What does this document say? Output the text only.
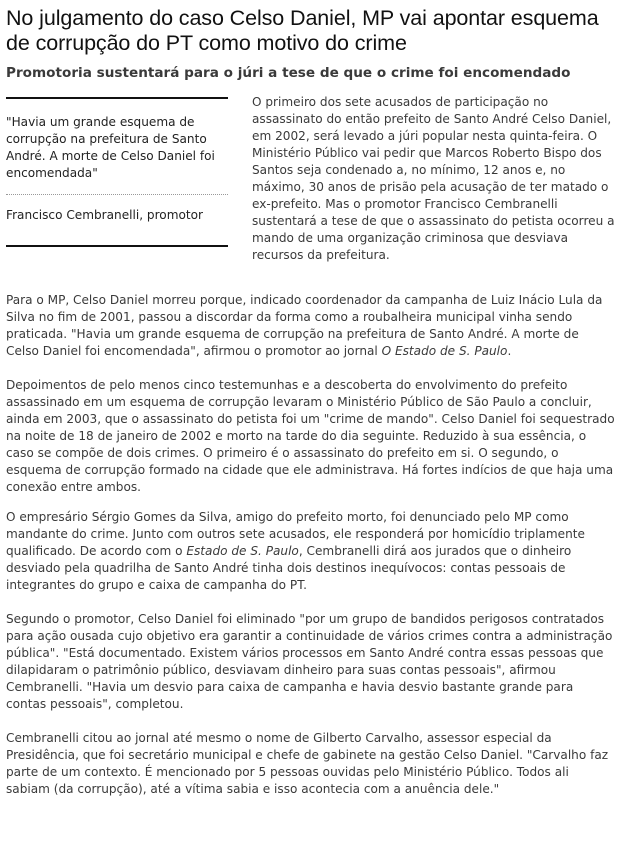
No julgamento do caso Celso Daniel, MP vai apontar esquema de corrupção do PT como motivo do crime
Promotoria sustentará para o júri a tese de que o crime foi encomendado

"Havia um grande esquema de corrupção na prefeitura de Santo André. A morte de Celso Daniel foi encomendada"

Francisco Cembranelli, promotor

O primeiro dos sete acusados de participação no assassinato do então prefeito de Santo André Celso Daniel, em 2002, será levado a júri popular nesta quinta-feira. O Ministério Público vai pedir que Marcos Roberto Bispo dos Santos seja condenado a, no mínimo, 12 anos e, no máximo, 30 anos de prisão pela acusação de ter matado o ex-prefeito. Mas o promotor Francisco Cembranelli sustentará a tese de que o assassinato do petista ocorreu a mando de uma organização criminosa que desviava recursos da prefeitura.

Para o MP, Celso Daniel morreu porque, indicado coordenador da campanha de Luiz Inácio Lula da Silva no fim de 2001, passou a discordar da forma como a roubalheira municipal vinha sendo praticada. "Havia um grande esquema de corrupção na prefeitura de Santo André. A morte de Celso Daniel foi encomendada", afirmou o promotor ao jornal O Estado de S. Paulo.

Depoimentos de pelo menos cinco testemunhas e a descoberta do envolvimento do prefeito assassinado em um esquema de corrupção levaram o Ministério Público de São Paulo a concluir, ainda em 2003, que o assassinato do petista foi um "crime de mando". Celso Daniel foi sequestrado na noite de 18 de janeiro de 2002 e morto na tarde do dia seguinte. Reduzido à sua essência, o caso se compõe de dois crimes. O primeiro é o assassinato do prefeito em si. O segundo, o esquema de corrupção formado na cidade que ele administrava. Há fortes indícios de que haja uma conexão entre ambos.

O empresário Sérgio Gomes da Silva, amigo do prefeito morto, foi denunciado pelo MP como mandante do crime. Junto com outros sete acusados, ele responderá por homicídio triplamente qualificado. De acordo com o Estado de S. Paulo, Cembranelli dirá aos jurados que o dinheiro desviado pela quadrilha de Santo André tinha dois destinos inequívocos: contas pessoais de integrantes do grupo e caixa de campanha do PT.

Segundo o promotor, Celso Daniel foi eliminado "por um grupo de bandidos perigosos contratados para ação ousada cujo objetivo era garantir a continuidade de vários crimes contra a administração pública". "Está documentado. Existem vários processos em Santo André contra essas pessoas que dilapidaram o patrimônio público, desviavam dinheiro para suas contas pessoais", afirmou Cembranelli. "Havia um desvio para caixa de campanha e havia desvio bastante grande para contas pessoais", completou.

Cembranelli citou ao jornal até mesmo o nome de Gilberto Carvalho, assessor especial da Presidência, que foi secretário municipal e chefe de gabinete na gestão Celso Daniel. "Carvalho faz parte de um contexto. É mencionado por 5 pessoas ouvidas pelo Ministério Público. Todos ali sabiam (da corrupção), até a vítima sabia e isso acontecia com a anuência dele."
